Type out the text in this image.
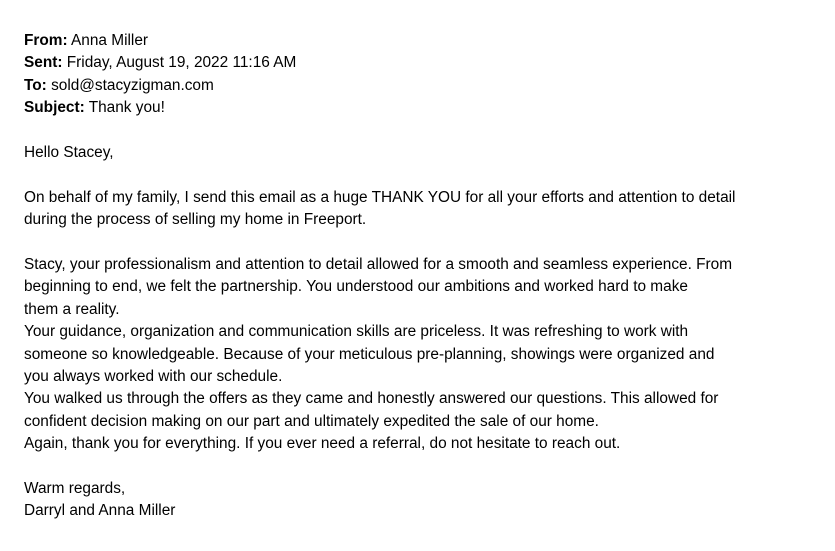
From: Anna Miller
Sent: Friday, August 19, 2022 11:16 AM
To: sold@stacyzigman.com
Subject: Thank you!
Hello Stacey,
On behalf of my family, I send this email as a huge THANK YOU for all your efforts and attention to detail
during the process of selling my home in Freeport.
Stacy, your professionalism and attention to detail allowed for a smooth and seamless experience. From
beginning to end, we felt the partnership. You understood our ambitions and worked hard to make
them a reality.
Your guidance, organization and communication skills are priceless. It was refreshing to work with
someone so knowledgeable. Because of your meticulous pre-planning, showings were organized and
you always worked with our schedule.
You walked us through the offers as they came and honestly answered our questions. This allowed for
confident decision making on our part and ultimately expedited the sale of our home.
Again, thank you for everything. If you ever need a referral, do not hesitate to reach out.
Warm regards,
Darryl and Anna Miller
